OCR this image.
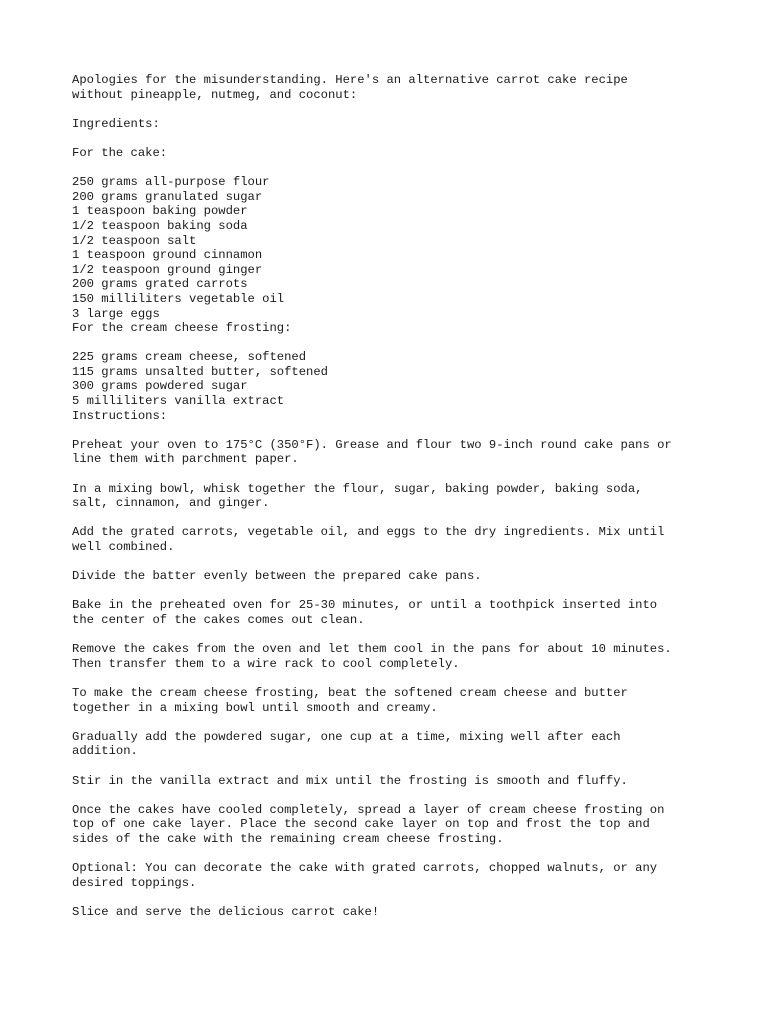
Apologies for the misunderstanding. Here's an alternative carrot cake recipe
without pineapple, nutmeg, and coconut:
Ingredients:
For the cake:
250 grams all-purpose flour
200 grams granulated sugar
1 teaspoon baking powder
1/2 teaspoon baking soda
1/2 teaspoon salt
1 teaspoon ground cinnamon
1/2 teaspoon ground ginger
200 grams grated carrots
150 milliliters vegetable oil
3 large eggs
For the cream cheese frosting:
225 grams cream cheese, softened
115 grams unsalted butter, softened
300 grams powdered sugar
5 milliliters vanilla extract
Instructions:
Preheat your oven to 175°C (350°F). Grease and flour two 9-inch round cake pans or
line them with parchment paper.
In a mixing bowl, whisk together the flour, sugar, baking powder, baking soda,
salt, cinnamon, and ginger.
Add the grated carrots, vegetable oil, and eggs to the dry ingredients. Mix until
well combined.
Divide the batter evenly between the prepared cake pans.
Bake in the preheated oven for 25-30 minutes, or until a toothpick inserted into
the center of the cakes comes out clean.
Remove the cakes from the oven and let them cool in the pans for about 10 minutes.
Then transfer them to a wire rack to cool completely.
To make the cream cheese frosting, beat the softened cream cheese and butter
together in a mixing bowl until smooth and creamy.
Gradually add the powdered sugar, one cup at a time, mixing well after each
addition.
Stir in the vanilla extract and mix until the frosting is smooth and fluffy.
Once the cakes have cooled completely, spread a layer of cream cheese frosting on
top of one cake layer. Place the second cake layer on top and frost the top and
sides of the cake with the remaining cream cheese frosting.
Optional: You can decorate the cake with grated carrots, chopped walnuts, or any
desired toppings.
Slice and serve the delicious carrot cake!
